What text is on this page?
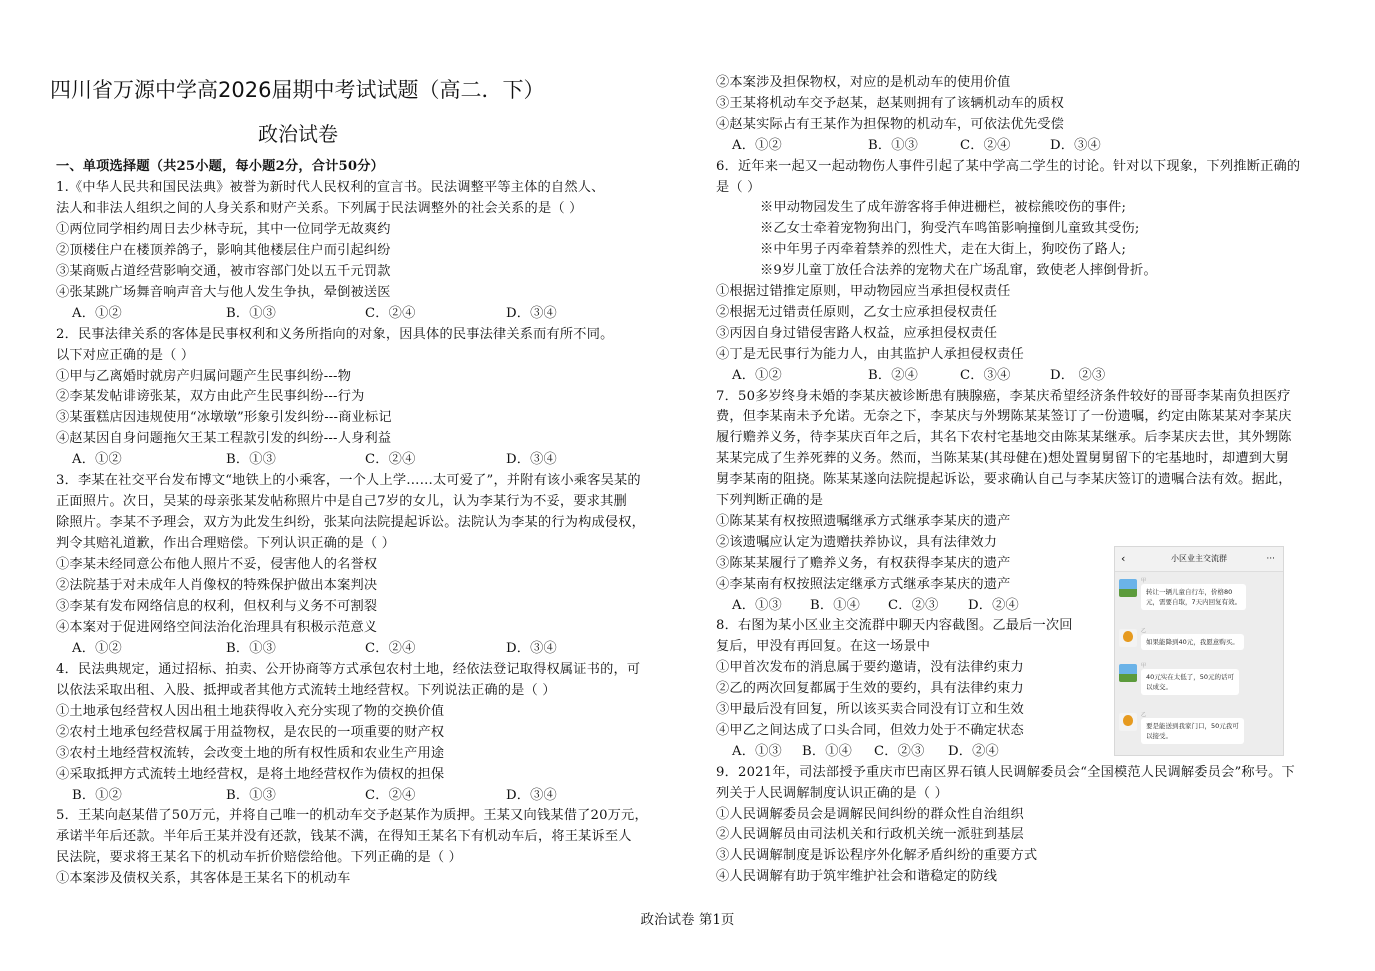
四川省万源中学高2026届期中考试试题（高二．下）
政治试卷
一、单项选择题（共25小题，每小题2分，合计50分）
1.《中华人民共和国民法典》被誉为新时代人民权利的宣言书。民法调整平等主体的自然人、
法人和非法人组织之间的人身关系和财产关系。下列属于民法调整外的社会关系的是（ ）
①两位同学相约周日去少林寺玩，其中一位同学无故爽约
②顶楼住户在楼顶养鸽子，影响其他楼层住户而引起纠纷
③某商贩占道经营影响交通，被市容部门处以五千元罚款
④张某跳广场舞音响声音大与他人发生争执，晕倒被送医
A．①②	B．①③	C．②④	D．③④
2．民事法律关系的客体是民事权利和义务所指向的对象，因具体的民事法律关系而有所不同。
以下对应正确的是（ ）
①甲与乙离婚时就房产归属问题产生民事纠纷---物
②李某发帖诽谤张某，双方由此产生民事纠纷---行为
③某蛋糕店因违规使用“冰墩墩”形象引发纠纷---商业标记
④赵某因自身问题拖欠王某工程款引发的纠纷---人身利益
A．①②	B．①③	C．②④	D．③④
3．李某在社交平台发布博文“地铁上的小乘客，一个人上学……太可爱了”，并附有该小乘客吴某的
正面照片。次日，吴某的母亲张某发帖称照片中是自己7岁的女儿，认为李某行为不妥，要求其删
除照片。李某不予理会，双方为此发生纠纷，张某向法院提起诉讼。法院认为李某的行为构成侵权，
判令其赔礼道歉，作出合理赔偿。下列认识正确的是（ ）
①李某未经同意公布他人照片不妥，侵害他人的名誉权
②法院基于对未成年人肖像权的特殊保护做出本案判决
③李某有发布网络信息的权利，但权利与义务不可割裂
④本案对于促进网络空间法治化治理具有积极示范意义
A．①②	B．①③	C．②④	D．③④
4．民法典规定，通过招标、拍卖、公开协商等方式承包农村土地，经依法登记取得权属证书的，可
以依法采取出租、入股、抵押或者其他方式流转土地经营权。下列说法正确的是（ ）
①土地承包经营权人因出租土地获得收入充分实现了物的交换价值
②农村土地承包经营权属于用益物权，是农民的一项重要的财产权
③农村土地经营权流转，会改变土地的所有权性质和农业生产用途
④采取抵押方式流转土地经营权，是将土地经营权作为债权的担保
B．①②	B．①③	C．②④	D．③④
5．王某向赵某借了50万元，并将自己唯一的机动车交予赵某作为质押。王某又向钱某借了20万元，
承诺半年后还款。半年后王某并没有还款，钱某不满，在得知王某名下有机动车后，将王某诉至人
民法院，要求将王某名下的机动车折价赔偿给他。下列正确的是（ ）
①本案涉及债权关系，其客体是王某名下的机动车
②本案涉及担保物权，对应的是机动车的使用价值
③王某将机动车交予赵某，赵某则拥有了该辆机动车的质权
④赵某实际占有王某作为担保物的机动车，可依法优先受偿
A．①②	B．①③	C．②④	D．③④
6．近年来一起又一起动物伤人事件引起了某中学高二学生的讨论。针对以下现象，下列推断正确的
是（ ）
※甲动物园发生了成年游客将手伸进栅栏，被棕熊咬伤的事件;
※乙女士牵着宠物狗出门，狗受汽车鸣笛影响撞倒儿童致其受伤;
※中年男子丙牵着禁养的烈性犬，走在大街上，狗咬伤了路人;
※9岁儿童丁放任合法养的宠物犬在广场乱窜，致使老人摔倒骨折。
①根据过错推定原则，甲动物园应当承担侵权责任
②根据无过错责任原则，乙女士应承担侵权责任
③丙因自身过错侵害路人权益，应承担侵权责任
④丁是无民事行为能力人，由其监护人承担侵权责任
A．①②	B．②④	C．③④	D． ②③
7．50多岁终身未婚的李某庆被诊断患有胰腺癌，李某庆希望经济条件较好的哥哥李某南负担医疗
费，但李某南未予允诺。无奈之下，李某庆与外甥陈某某签订了一份遗嘱，约定由陈某某对李某庆
履行赡养义务，待李某庆百年之后，其名下农村宅基地交由陈某某继承。后李某庆去世，其外甥陈
某某完成了生养死葬的义务。然而，当陈某某(其母健在)想处置舅舅留下的宅基地时，却遭到大舅
舅李某南的阻挠。陈某某遂向法院提起诉讼，要求确认自己与李某庆签订的遗嘱合法有效。据此，
下列判断正确的是
①陈某某有权按照遗嘱继承方式继承李某庆的遗产
②该遗嘱应认定为遗赠扶养协议，具有法律效力
③陈某某履行了赡养义务，有权获得李某庆的遗产
④李某南有权按照法定继承方式继承李某庆的遗产
A．①③ B．①④ C．②③ D．②④
8．右图为某小区业主交流群中聊天内容截图。乙最后一次回
复后，甲没有再回复。在这一场景中
①甲首次发布的消息属于要约邀请，没有法律约束力
②乙的两次回复都属于生效的要约，具有法律约束力
③甲最后没有回复，所以该买卖合同没有订立和生效
④甲乙之间达成了口头合同，但效力处于不确定状态
A．①③ B．①④ C．②③ D．②④
9．2021年，司法部授予重庆市巴南区界石镇人民调解委员会“全国模范人民调解委员会”称号。下
列关于人民调解制度认识正确的是（ ）
①人民调解委员会是调解民间纠纷的群众性自治组织
②人民调解员由司法机关和行政机关统一派驻到基层
③人民调解制度是诉讼程序外化解矛盾纠纷的重要方式
④人民调解有助于筑牢维护社会和谐稳定的防线
‹	小区业主交流群	···
甲
转让一辆儿童自行车，价格80
元，需要自取，7天内回复有效。
乙
如果能降到40元，我愿意购买。
甲
40元实在太低了，50元的话可
以成交。
乙
要是能送到我家门口，50元我可
以接受。
政治试卷 第1页
